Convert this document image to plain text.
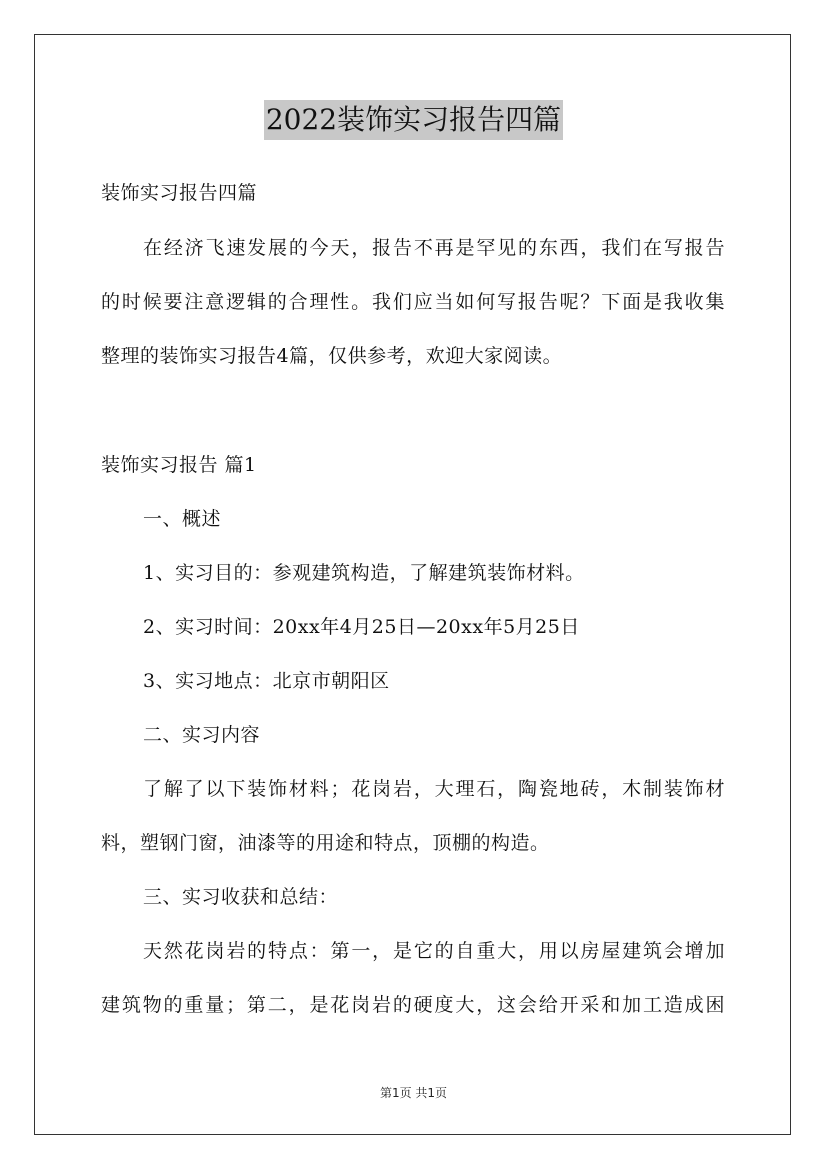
2022装饰实习报告四篇
装饰实习报告四篇
在经济飞速发展的今天，报告不再是罕见的东西，我们在写报告
的时候要注意逻辑的合理性。我们应当如何写报告呢？下面是我收集
整理的装饰实习报告4篇，仅供参考，欢迎大家阅读。
装饰实习报告 篇1
一、概述
1、实习目的：参观建筑构造，了解建筑装饰材料。
2、实习时间：20xx年4月25日—20xx年5月25日
3、实习地点：北京市朝阳区
二、实习内容
了解了以下装饰材料；花岗岩，大理石，陶瓷地砖，木制装饰材
料，塑钢门窗，油漆等的用途和特点，顶棚的构造。
三、实习收获和总结：
天然花岗岩的特点：第一，是它的自重大，用以房屋建筑会增加
建筑物的重量；第二，是花岗岩的硬度大，这会给开采和加工造成困
第1页 共1页
